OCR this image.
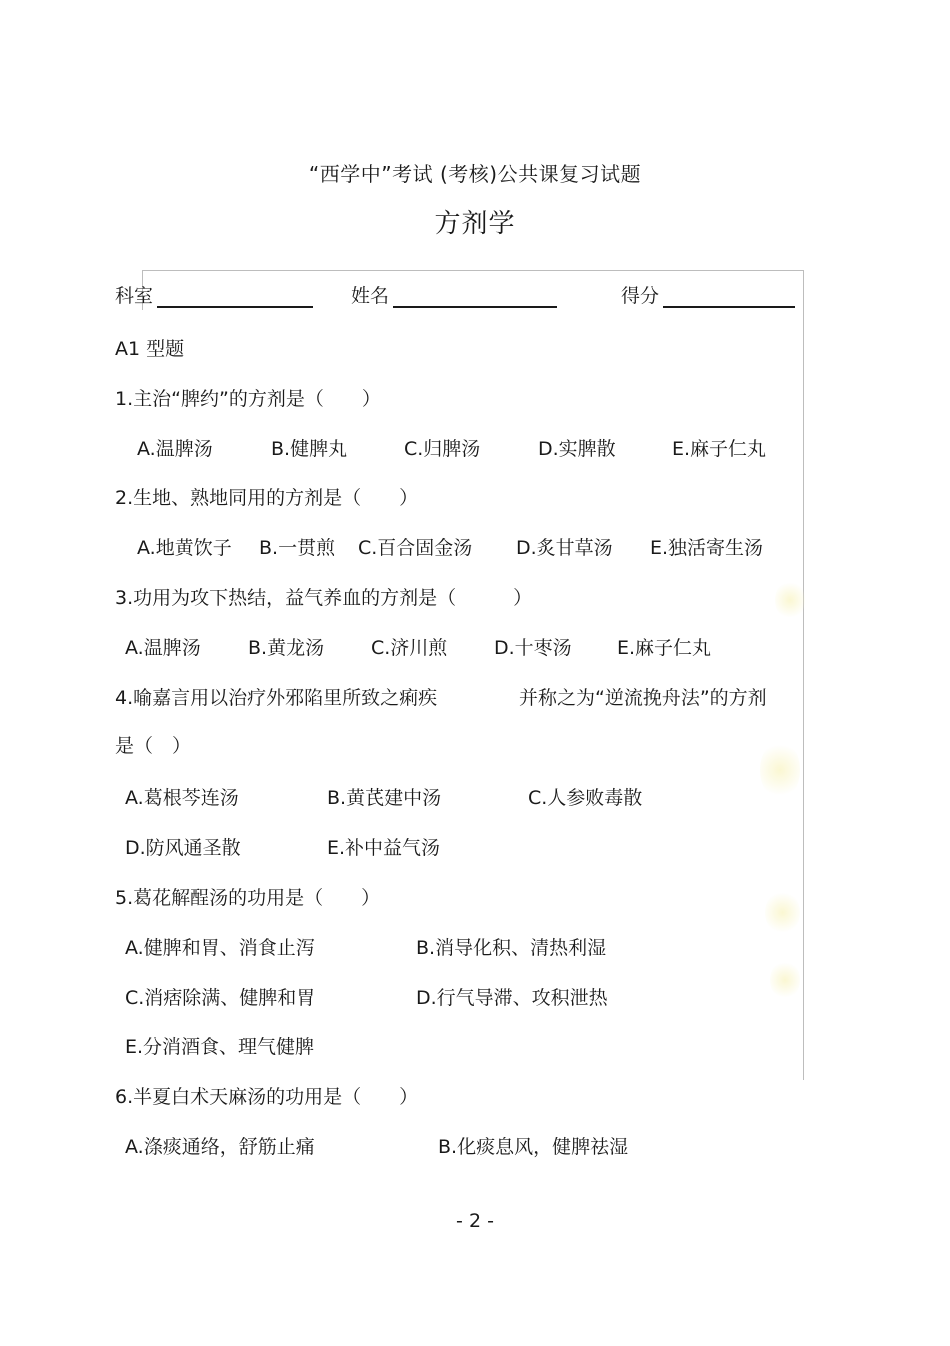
“西学中”考试 (考核)公共课复习试题
方剂学
科室	姓名	得分
A1 型题
1.主治“脾约”的方剂是（　　）
A.温脾汤	B.健脾丸	C.归脾汤	D.实脾散	E.麻子仁丸
2.生地、熟地同用的方剂是（　　）
A.地黄饮子 B.一贯煎 C.百合固金汤 D.炙甘草汤 E.独活寄生汤
3.功用为攻下热结，益气养血的方剂是（　　　）
A.温脾汤 B.黄龙汤 C.济川煎 D.十枣汤 E.麻子仁丸
4.喻嘉言用以治疗外邪陷里所致之痢疾	并称之为“逆流挽舟法”的方剂
是（　）
A.葛根芩连汤	B.黄芪建中汤	C.人参败毒散
D.防风通圣散	E.补中益气汤
5.葛花解酲汤的功用是（　　）
A.健脾和胃、消食止泻	B.消导化积、清热利湿
C.消痞除满、健脾和胃	D.行气导滞、攻积泄热
E.分消酒食、理气健脾
6.半夏白术天麻汤的功用是（　　）
A.涤痰通络，舒筋止痛	B.化痰息风，健脾祛湿
- 2 -
